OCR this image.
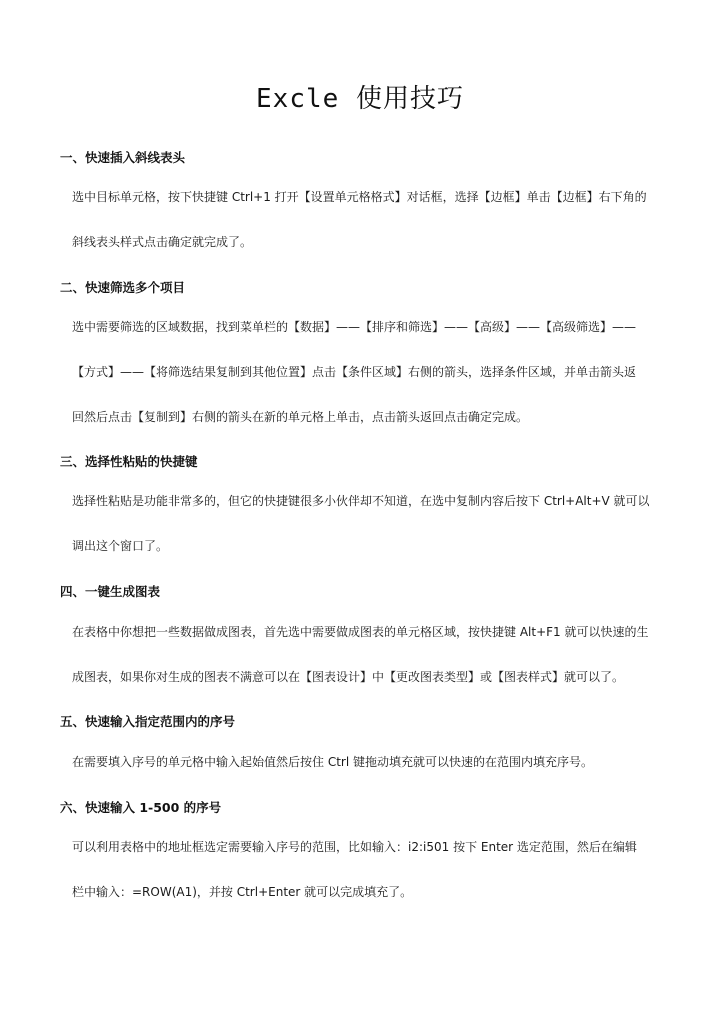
Excle 使用技巧
一、快速插入斜线表头
选中目标单元格，按下快捷键 Ctrl+1 打开【设置单元格格式】对话框，选择【边框】单击【边框】右下角的
斜线表头样式点击确定就完成了。
二、快速筛选多个项目
选中需要筛选的区域数据，找到菜单栏的【数据】——【排序和筛选】——【高级】——【高级筛选】——
【方式】——【将筛选结果复制到其他位置】点击【条件区域】右侧的箭头，选择条件区域，并单击箭头返
回然后点击【复制到】右侧的箭头在新的单元格上单击，点击箭头返回点击确定完成。
三、选择性粘贴的快捷键
选择性粘贴是功能非常多的，但它的快捷键很多小伙伴却不知道，在选中复制内容后按下 Ctrl+Alt+V 就可以
调出这个窗口了。
四、一键生成图表
在表格中你想把一些数据做成图表，首先选中需要做成图表的单元格区域，按快捷键 Alt+F1 就可以快速的生
成图表，如果你对生成的图表不满意可以在【图表设计】中【更改图表类型】或【图表样式】就可以了。
五、快速输入指定范围内的序号
在需要填入序号的单元格中输入起始值然后按住 Ctrl 键拖动填充就可以快速的在范围内填充序号。
六、快速输入 1-500 的序号
可以利用表格中的地址框选定需要输入序号的范围，比如输入：i2:i501 按下 Enter 选定范围，然后在编辑
栏中输入：=ROW(A1)，并按 Ctrl+Enter 就可以完成填充了。
